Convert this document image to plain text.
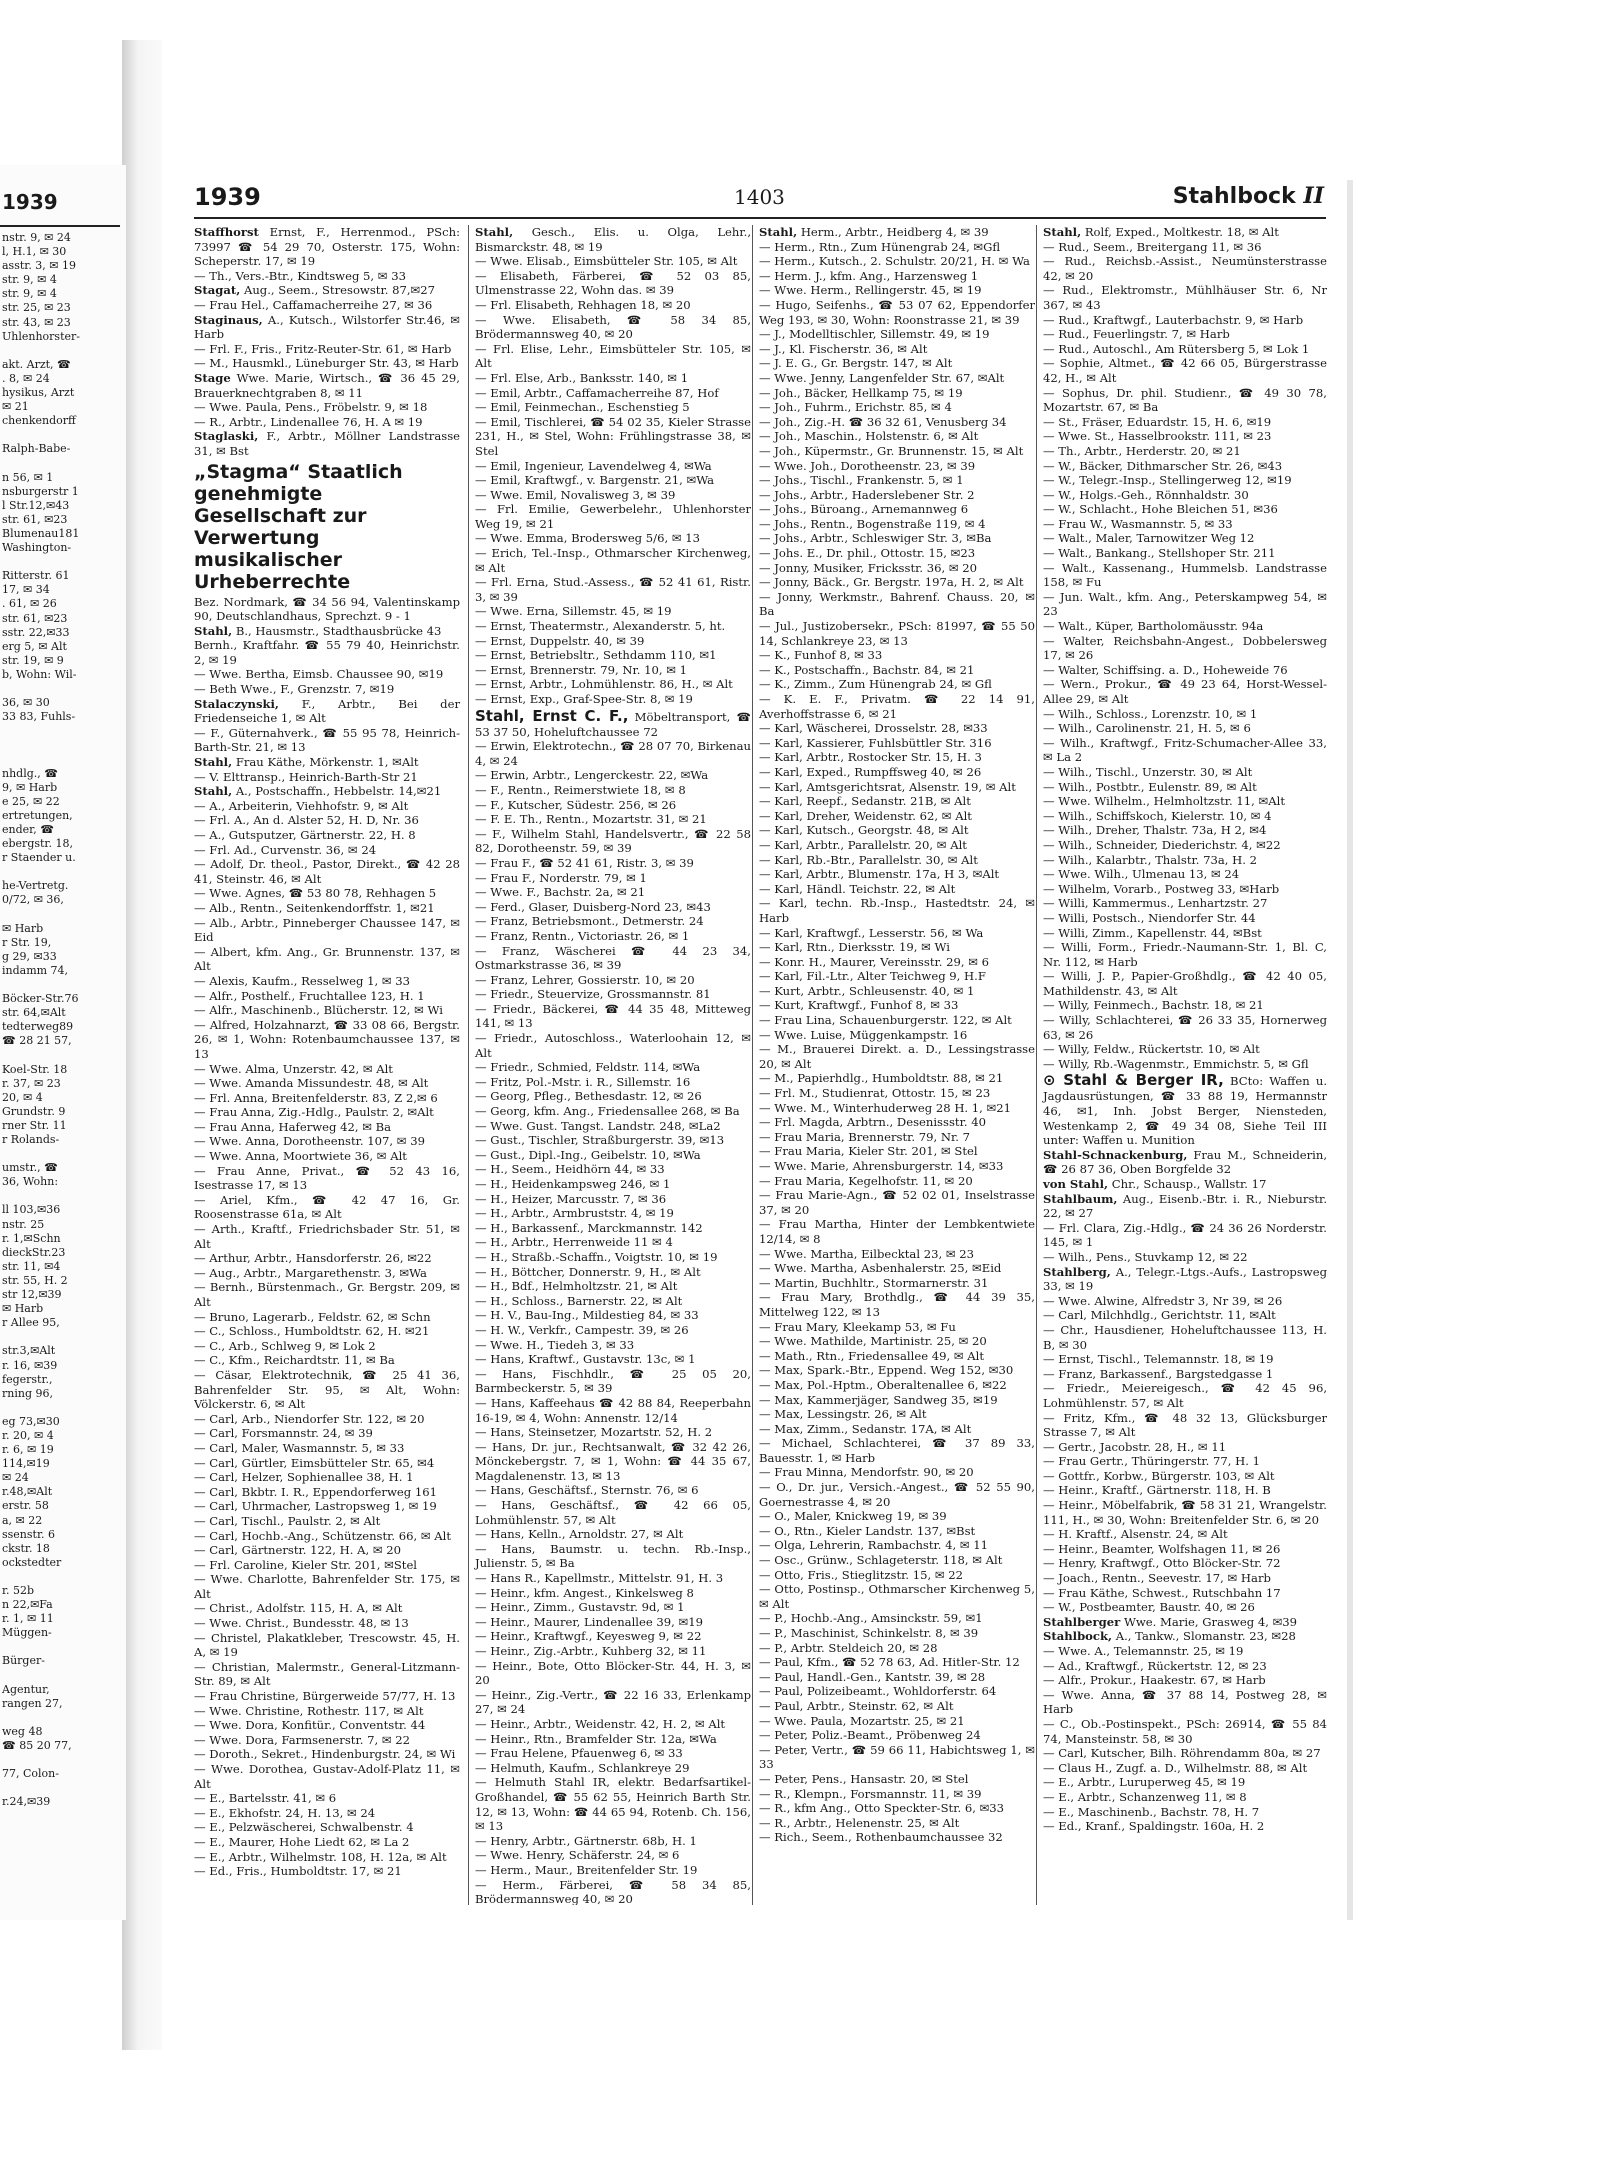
1939
nstr. 9, ✉ 24
l, H.1, ✉ 30
asstr. 3, ✉ 19
str. 9, ✉ 4
str. 9, ✉ 4
str. 25, ✉ 23
str. 43, ✉ 23
Uhlenhorster-

akt. Arzt, ☎
. 8, ✉ 24
hysikus, Arzt
✉ 21
chenkendorff

Ralph-Babe-

n 56, ✉ 1
nsburgerstr 1
l Str.12,✉43
str. 61, ✉23
Blumenau181
Washington-

Ritterstr. 61
17, ✉ 34
. 61, ✉ 26
str. 61, ✉23
sstr. 22,✉33
erg 5, ✉ Alt
str. 19, ✉ 9
b, Wohn: Wil-

36, ✉ 30
33 83, Fuhls-

nhdlg., ☎
9, ✉ Harb
e 25, ✉ 22
ertretungen,
ender, ☎
ebergstr. 18,
r Staender u.

he-Vertretg.
0/72, ✉ 36,

✉ Harb
r Str. 19,
g 29, ✉33
indamm 74,

Böcker-Str.76
str. 64,✉Alt
tedterweg89
☎ 28 21 57,

Koel-Str. 18
r. 37, ✉ 23
20, ✉ 4
Grundstr. 9
rner Str. 11
r Rolands-

umstr., ☎
36, Wohn:

ll 103,✉36
nstr. 25
r. 1,✉Schn
dieckStr.23
str. 11, ✉4
str. 55, H. 2
str 12,✉39
✉ Harb
r Allee 95,

str.3,✉Alt
r. 16, ✉39
fegerstr.,
rning 96,

eg 73,✉30
r. 20, ✉ 4
r. 6, ✉ 19
114,✉19
✉ 24
r.48,✉Alt
erstr. 58
a, ✉ 22
ssenstr. 6
ckstr. 18
ockstedter

r. 52b
n 22,✉Fa
r. 1, ✉ 11
Müggen-

Bürger-

Agentur,
rangen 27,

weg 48
☎ 85 20 77,

77, Colon-

r.24,✉39
1939	1403	Stahlbock II
Staffhorst Ernst, F., Herrenmod., PSch: 73997 ☎ 54 29 70, Osterstr. 175, Wohn: Scheperstr. 17, ✉ 19
— Th., Vers.-Btr., Kindtsweg 5, ✉ 33
Stagat, Aug., Seem., Stresowstr. 87,✉27
— Frau Hel., Caffamacherreihe 27, ✉ 36
Staginaus, A., Kutsch., Wilstorfer Str.46, ✉ Harb
— Frl. F., Fris., Fritz-Reuter-Str. 61, ✉ Harb
— M., Hausmkl., Lüneburger Str. 43, ✉ Harb
Stage Wwe. Marie, Wirtsch., ☎ 36 45 29, Brauerknechtgraben 8, ✉ 11
— Wwe. Paula, Pens., Fröbelstr. 9, ✉ 18
— R., Arbtr., Lindenallee 76, H. A ✉ 19
Staglaski, F., Arbtr., Möllner Landstrasse 31, ✉ Bst
„Stagma“ Staatlich genehmigte Gesellschaft zur Verwertung musikalischer Urheberrechte
Bez. Nordmark, ☎ 34 56 94, Valentinskamp 90, Deutschlandhaus, Sprechzt. 9 - 1
Stahl, B., Hausmstr., Stadthausbrücke 43
Bernh., Kraftfahr. ☎ 55 79 40, Heinrichstr. 2, ✉ 19
— Wwe. Bertha, Eimsb. Chaussee 90, ✉19
— Beth Wwe., F., Grenzstr. 7, ✉19
Stalaczynski, F., Arbtr., Bei der Friedenseiche 1, ✉ Alt
— F., Güternahverk., ☎ 55 95 78, Heinrich-Barth-Str. 21, ✉ 13
Stahl, Frau Käthe, Mörkenstr. 1, ✉Alt
— V. Elttransp., Heinrich-Barth-Str 21
Stahl, A., Postschaffn., Hebbelstr. 14,✉21
— A., Arbeiterin, Viehhofstr. 9, ✉ Alt
— Frl. A., An d. Alster 52, H. D, Nr. 36
— A., Gutsputzer, Gärtnerstr. 22, H. 8
— Frl. Ad., Curvenstr. 36, ✉ 24
— Adolf, Dr. theol., Pastor, Direkt., ☎ 42 28 41, Steinstr. 46, ✉ Alt
— Wwe. Agnes, ☎ 53 80 78, Rehhagen 5
— Alb., Rentn., Seitenkendorffstr. 1, ✉21
— Alb., Arbtr., Pinneberger Chaussee 147, ✉ Eid
— Albert, kfm. Ang., Gr. Brunnenstr. 137, ✉ Alt
— Alexis, Kaufm., Resselweg 1, ✉ 33
— Alfr., Posthelf., Fruchtallee 123, H. 1
— Alfr., Maschinenb., Blücherstr. 12, ✉ Wi
— Alfred, Holzahnarzt, ☎ 33 08 66, Bergstr. 26, ✉ 1, Wohn: Rotenbaumchaussee 137, ✉ 13
— Wwe. Alma, Unzerstr. 42, ✉ Alt
— Wwe. Amanda Missundestr. 48, ✉ Alt
— Frl. Anna, Breitenfelderstr. 83, Z 2,✉ 6
— Frau Anna, Zig.-Hdlg., Paulstr. 2, ✉Alt
— Frau Anna, Haferweg 42, ✉ Ba
— Wwe. Anna, Dorotheenstr. 107, ✉ 39
— Wwe. Anna, Moortwiete 36, ✉ Alt
— Frau Anne, Privat., ☎ 52 43 16, Isestrasse 17, ✉ 13
— Ariel, Kfm., ☎ 42 47 16, Gr. Roosenstrasse 61a, ✉ Alt
— Arth., Kraftf., Friedrichsbader Str. 51, ✉ Alt
— Arthur, Arbtr., Hansdorferstr. 26, ✉22
— Aug., Arbtr., Margarethenstr. 3, ✉Wa
— Bernh., Bürstenmach., Gr. Bergstr. 209, ✉ Alt
— Bruno, Lagerarb., Feldstr. 62, ✉ Schn
— C., Schloss., Humboldtstr. 62, H. ✉21
— C., Arb., Schlweg 9, ✉ Lok 2
— C., Kfm., Reichardtstr. 11, ✉ Ba
— Cäsar, Elektrotechnik, ☎ 25 41 36, Bahrenfelder Str. 95, ✉ Alt, Wohn: Völckerstr. 6, ✉ Alt
— Carl, Arb., Niendorfer Str. 122, ✉ 20
— Carl, Forsmannstr. 24, ✉ 39
— Carl, Maler, Wasmannstr. 5, ✉ 33
— Carl, Gürtler, Eimsbütteler Str. 65, ✉4
— Carl, Helzer, Sophienallee 38, H. 1
— Carl, Bkbtr. I. R., Eppendorferweg 161
— Carl, Uhrmacher, Lastropsweg 1, ✉ 19
— Carl, Tischl., Paulstr. 2, ✉ Alt
— Carl, Hochb.-Ang., Schützenstr. 66, ✉ Alt
— Carl, Gärtnerstr. 122, H. A, ✉ 20
— Frl. Caroline, Kieler Str. 201, ✉Stel
— Wwe. Charlotte, Bahrenfelder Str. 175, ✉ Alt
— Christ., Adolfstr. 115, H. A, ✉ Alt
— Wwe. Christ., Bundesstr. 48, ✉ 13
— Christel, Plakatkleber, Trescowstr. 45, H. A, ✉ 19
— Christian, Malermstr., General-Litzmann-Str. 89, ✉ Alt
— Frau Christine, Bürgerweide 57/77, H. 13
— Wwe. Christine, Rothestr. 117, ✉ Alt
— Wwe. Dora, Konfitür., Conventstr. 44
— Wwe. Dora, Farmsenerstr. 7, ✉ 22
— Doroth., Sekret., Hindenburgstr. 24, ✉ Wi
— Wwe. Dorothea, Gustav-Adolf-Platz 11, ✉ Alt
— E., Bartelsstr. 41, ✉ 6
— E., Ekhofstr. 24, H. 13, ✉ 24
— E., Pelzwäscherei, Schwalbenstr. 4
— E., Maurer, Hohe Liedt 62, ✉ La 2
— E., Arbtr., Wilhelmstr. 108, H. 12a, ✉ Alt
— Ed., Fris., Humboldtstr. 17, ✉ 21
Stahl, Gesch., Elis. u. Olga, Lehr., Bismarckstr. 48, ✉ 19
— Wwe. Elisab., Eimsbütteler Str. 105, ✉ Alt
— Elisabeth, Färberei, ☎ 52 03 85, Ulmenstrasse 22, Wohn das. ✉ 39
— Frl. Elisabeth, Rehhagen 18, ✉ 20
— Wwe. Elisabeth, ☎ 58 34 85, Brödermannsweg 40, ✉ 20
— Frl. Elise, Lehr., Eimsbütteler Str. 105, ✉ Alt
— Frl. Else, Arb., Banksstr. 140, ✉ 1
— Emil, Arbtr., Caffamacherreihe 87, Hof
— Emil, Feinmechan., Eschenstieg 5
— Emil, Tischlerei, ☎ 54 02 35, Kieler Strasse 231, H., ✉ Stel, Wohn: Frühlingstrasse 38, ✉ Stel
— Emil, Ingenieur, Lavendelweg 4, ✉Wa
— Emil, Kraftwgf., v. Bargenstr. 21, ✉Wa
— Wwe. Emil, Novalisweg 3, ✉ 39
— Frl. Emilie, Gewerbelehr., Uhlenhorster Weg 19, ✉ 21
— Wwe. Emma, Brodersweg 5/6, ✉ 13
— Erich, Tel.-Insp., Othmarscher Kirchenweg, ✉ Alt
— Frl. Erna, Stud.-Assess., ☎ 52 41 61, Ristr. 3, ✉ 39
— Wwe. Erna, Sillemstr. 45, ✉ 19
— Ernst, Theatermstr., Alexanderstr. 5, ht.
— Ernst, Duppelstr. 40, ✉ 39
— Ernst, Betriebsltr., Sethdamm 110, ✉1
— Ernst, Brennerstr. 79, Nr. 10, ✉ 1
— Ernst, Arbtr., Lohmühlenstr. 86, H., ✉ Alt
— Ernst, Exp., Graf-Spee-Str. 8, ✉ 19
Stahl, Ernst C. F., Möbeltransport, ☎ 53 37 50, Hoheluftchaussee 72
— Erwin, Elektrotechn., ☎ 28 07 70, Birkenau 4, ✉ 24
— Erwin, Arbtr., Lengerckestr. 22, ✉Wa
— F., Rentn., Reimerstwiete 18, ✉ 8
— F., Kutscher, Südestr. 256, ✉ 26
— F. E. Th., Rentn., Mozartstr. 31, ✉ 21
— F., Wilhelm Stahl, Handelsvertr., ☎ 22 58 82, Dorotheenstr. 59, ✉ 39
— Frau F., ☎ 52 41 61, Ristr. 3, ✉ 39
— Frau F., Norderstr. 79, ✉ 1
— Wwe. F., Bachstr. 2a, ✉ 21
— Ferd., Glaser, Duisberg-Nord 23, ✉43
— Franz, Betriebsmont., Detmerstr. 24
— Franz, Rentn., Victoriastr. 26, ✉ 1
— Franz, Wäscherei ☎ 44 23 34, Ostmarkstrasse 36, ✉ 39
— Franz, Lehrer, Gossierstr. 10, ✉ 20
— Friedr., Steuervize, Grossmannstr. 81
— Friedr., Bäckerei, ☎ 44 35 48, Mitteweg 141, ✉ 13
— Friedr., Autoschloss., Waterloohain 12, ✉ Alt
— Friedr., Schmied, Feldstr. 114, ✉Wa
— Fritz, Pol.-Mstr. i. R., Sillemstr. 16
— Georg, Pfleg., Bethesdastr. 12, ✉ 26
— Georg, kfm. Ang., Friedensallee 268, ✉ Ba
— Wwe. Gust. Tangst. Landstr. 248, ✉La2
— Gust., Tischler, Straßburgerstr. 39, ✉13
— Gust., Dipl.-Ing., Geibelstr. 10, ✉Wa
— H., Seem., Heidhörn 44, ✉ 33
— H., Heidenkampsweg 246, ✉ 1
— H., Heizer, Marcusstr. 7, ✉ 36
— H., Arbtr., Armbruststr. 4, ✉ 19
— H., Barkassenf., Marckmannstr. 142
— H., Arbtr., Herrenweide 11 ✉ 4
— H., Straßb.-Schaffn., Voigtstr. 10, ✉ 19
— H., Böttcher, Donnerstr. 9, H., ✉ Alt
— H., Bdf., Helmholtzstr. 21, ✉ Alt
— H., Schloss., Barnerstr. 22, ✉ Alt
— H. V., Bau-Ing., Mildestieg 84, ✉ 33
— H. W., Verkfr., Campestr. 39, ✉ 26
— Wwe. H., Tiedeh 3, ✉ 33
— Hans, Kraftwf., Gustavstr. 13c, ✉ 1
— Hans, Fischhdlr., ☎ 25 05 20, Barmbeckerstr. 5, ✉ 39
— Hans, Kaffeehaus ☎ 42 88 84, Reeperbahn 16-19, ✉ 4, Wohn: Annenstr. 12/14
— Hans, Steinsetzer, Mozartstr. 52, H. 2
— Hans, Dr. jur., Rechtsanwalt, ☎ 32 42 26, Mönckebergstr. 7, ✉ 1, Wohn: ☎ 44 35 67, Magdalenenstr. 13, ✉ 13
— Hans, Geschäftsf., Sternstr. 76, ✉ 6
— Hans, Geschäftsf., ☎ 42 66 05, Lohmühlenstr. 57, ✉ Alt
— Hans, Kelln., Arnoldstr. 27, ✉ Alt
— Hans, Baumstr. u. techn. Rb.-Insp., Julienstr. 5, ✉ Ba
— Hans R., Kapellmstr., Mittelstr. 91, H. 3
— Heinr., kfm. Angest., Kinkelsweg 8
— Heinr., Zimm., Gustavstr. 9d, ✉ 1
— Heinr., Maurer, Lindenallee 39, ✉19
— Heinr., Kraftwgf., Keyesweg 9, ✉ 22
— Heinr., Zig.-Arbtr., Kuhberg 32, ✉ 11
— Heinr., Bote, Otto Blöcker-Str. 44, H. 3, ✉ 20
— Heinr., Zig.-Vertr., ☎ 22 16 33, Erlenkamp 27, ✉ 24
— Heinr., Arbtr., Weidenstr. 42, H. 2, ✉ Alt
— Heinr., Rtn., Bramfelder Str. 12a, ✉Wa
— Frau Helene, Pfauenweg 6, ✉ 33
— Helmuth, Kaufm., Schlankreye 29
— Helmuth Stahl IR, elektr. Bedarfsartikel-Großhandel, ☎ 55 62 55, Heinrich Barth Str. 12, ✉ 13, Wohn: ☎ 44 65 94, Rotenb. Ch. 156, ✉ 13
— Henry, Arbtr., Gärtnerstr. 68b, H. 1
— Wwe. Henry, Schäferstr. 24, ✉ 6
— Herm., Maur., Breitenfelder Str. 19
— Herm., Färberei, ☎ 58 34 85, Brödermannsweg 40, ✉ 20
Stahl, Herm., Arbtr., Heidberg 4, ✉ 39
— Herm., Rtn., Zum Hünengrab 24, ✉Gfl
— Herm., Kutsch., 2. Schulstr. 20/21, H. ✉ Wa
— Herm. J., kfm. Ang., Harzensweg 1
— Wwe. Herm., Rellingerstr. 45, ✉ 19
— Hugo, Seifenhs., ☎ 53 07 62, Eppendorfer Weg 193, ✉ 30, Wohn: Roonstrasse 21, ✉ 39
— J., Modelltischler, Sillemstr. 49, ✉ 19
— J., Kl. Fischerstr. 36, ✉ Alt
— J. E. G., Gr. Bergstr. 147, ✉ Alt
— Wwe. Jenny, Langenfelder Str. 67, ✉Alt
— Joh., Bäcker, Hellkamp 75, ✉ 19
— Joh., Fuhrm., Erichstr. 85, ✉ 4
— Joh., Zig.-H. ☎ 36 32 61, Venusberg 34
— Joh., Maschin., Holstenstr. 6, ✉ Alt
— Joh., Küpermstr., Gr. Brunnenstr. 15, ✉ Alt
— Wwe. Joh., Dorotheenstr. 23, ✉ 39
— Johs., Tischl., Frankenstr. 5, ✉ 1
— Johs., Arbtr., Haderslebener Str. 2
— Johs., Büroang., Arnemannweg 6
— Johs., Rentn., Bogenstraße 119, ✉ 4
— Johs., Arbtr., Schleswiger Str. 3, ✉Ba
— Johs. E., Dr. phil., Ottostr. 15, ✉23
— Jonny, Musiker, Fricksstr. 36, ✉ 20
— Jonny, Bäck., Gr. Bergstr. 197a, H. 2, ✉ Alt
— Jonny, Werkmstr., Bahrenf. Chauss. 20, ✉ Ba
— Jul., Justizobersekr., PSch: 81997, ☎ 55 50 14, Schlankreye 23, ✉ 13
— K., Funhof 8, ✉ 33
— K., Postschaffn., Bachstr. 84, ✉ 21
— K., Zimm., Zum Hünengrab 24, ✉ Gfl
— K. E. F., Privatm. ☎ 22 14 91, Averhoffstrasse 6, ✉ 21
— Karl, Wäscherei, Drosselstr. 28, ✉33
— Karl, Kassierer, Fuhlsbüttler Str. 316
— Karl, Arbtr., Rostocker Str. 15, H. 3
— Karl, Exped., Rumpffsweg 40, ✉ 26
— Karl, Amtsgerichtsrat, Alsenstr. 19, ✉ Alt
— Karl, Reepf., Sedanstr. 21B, ✉ Alt
— Karl, Dreher, Weidenstr. 62, ✉ Alt
— Karl, Kutsch., Georgstr. 48, ✉ Alt
— Karl, Arbtr., Parallelstr. 20, ✉ Alt
— Karl, Rb.-Btr., Parallelstr. 30, ✉ Alt
— Karl, Arbtr., Blumenstr. 17a, H 3, ✉Alt
— Karl, Händl. Teichstr. 22, ✉ Alt
— Karl, techn. Rb.-Insp., Hastedtstr. 24, ✉ Harb
— Karl, Kraftwgf., Lesserstr. 56, ✉ Wa
— Karl, Rtn., Dierksstr. 19, ✉ Wi
— Konr. H., Maurer, Vereinsstr. 29, ✉ 6
— Karl, Fil.-Ltr., Alter Teichweg 9, H.F
— Kurt, Arbtr., Schleusenstr. 40, ✉ 1
— Kurt, Kraftwgf., Funhof 8, ✉ 33
— Frau Lina, Schauenburgerstr. 122, ✉ Alt
— Wwe. Luise, Müggenkampstr. 16
— M., Brauerei Direkt. a. D., Lessingstrasse 20, ✉ Alt
— M., Papierhdlg., Humboldtstr. 88, ✉ 21
— Frl. M., Studienrat, Ottostr. 15, ✉ 23
— Wwe. M., Winterhuderweg 28 H. 1, ✉21
— Frl. Magda, Arbtrn., Desenissstr. 40
— Frau Maria, Brennerstr. 79, Nr. 7
— Frau Maria, Kieler Str. 201, ✉ Stel
— Wwe. Marie, Ahrensburgerstr. 14, ✉33
— Frau Maria, Kegelhofstr. 11, ✉ 20
— Frau Marie-Agn., ☎ 52 02 01, Inselstrasse 37, ✉ 20
— Frau Martha, Hinter der Lembkentwiete 12/14, ✉ 8
— Wwe. Martha, Eilbecktal 23, ✉ 23
— Wwe. Martha, Asbenhalerstr. 25, ✉Eid
— Martin, Buchhltr., Stormarnerstr. 31
— Frau Mary, Brothdlg., ☎ 44 39 35, Mittelweg 122, ✉ 13
— Frau Mary, Kleekamp 53, ✉ Fu
— Wwe. Mathilde, Martinistr. 25, ✉ 20
— Math., Rtn., Friedensallee 49, ✉ Alt
— Max, Spark.-Btr., Eppend. Weg 152, ✉30
— Max, Pol.-Hptm., Oberaltenallee 6, ✉22
— Max, Kammerjäger, Sandweg 35, ✉19
— Max, Lessingstr. 26, ✉ Alt
— Max, Zimm., Sedanstr. 17A, ✉ Alt
— Michael, Schlachterei, ☎ 37 89 33, Bauesstr. 1, ✉ Harb
— Frau Minna, Mendorfstr. 90, ✉ 20
— O., Dr. jur., Versich.-Angest., ☎ 52 55 90, Goernestrasse 4, ✉ 20
— O., Maler, Knickweg 19, ✉ 39
— O., Rtn., Kieler Landstr. 137, ✉Bst
— Olga, Lehrerin, Rambachstr. 4, ✉ 11
— Osc., Grünw., Schlageterstr. 118, ✉ Alt
— Otto, Fris., Stieglitzstr. 15, ✉ 22
— Otto, Postinsp., Othmarscher Kirchenweg 5, ✉ Alt
— P., Hochb.-Ang., Amsinckstr. 59, ✉1
— P., Maschinist, Schinkelstr. 8, ✉ 39
— P., Arbtr. Steldeich 20, ✉ 28
— Paul, Kfm., ☎ 52 78 63, Ad. Hitler-Str. 12
— Paul, Handl.-Gen., Kantstr. 39, ✉ 28
— Paul, Polizeibeamt., Wohldorferstr. 64
— Paul, Arbtr., Steinstr. 62, ✉ Alt
— Wwe. Paula, Mozartstr. 25, ✉ 21
— Peter, Poliz.-Beamt., Pröbenweg 24
— Peter, Vertr., ☎ 59 66 11, Habichtsweg 1, ✉ 33
— Peter, Pens., Hansastr. 20, ✉ Stel
— R., Klempn., Forsmannstr. 11, ✉ 39
— R., kfm Ang., Otto Speckter-Str. 6, ✉33
— R., Arbtr., Helenenstr. 25, ✉ Alt
— Rich., Seem., Rothenbaumchaussee 32
Stahl, Rolf, Exped., Moltkestr. 18, ✉ Alt
— Rud., Seem., Breitergang 11, ✉ 36
— Rud., Reichsb.-Assist., Neumünsterstrasse 42, ✉ 20
— Rud., Elektromstr., Mühlhäuser Str. 6, Nr 367, ✉ 43
— Rud., Kraftwgf., Lauterbachstr. 9, ✉ Harb
— Rud., Feuerlingstr. 7, ✉ Harb
— Rud., Autoschl., Am Rütersberg 5, ✉ Lok 1
— Sophie, Altmet., ☎ 42 66 05, Bürgerstrasse 42, H., ✉ Alt
— Sophus, Dr. phil. Studienr., ☎ 49 30 78, Mozartstr. 67, ✉ Ba
— St., Fräser, Eduardstr. 15, H. 6, ✉19
— Wwe. St., Hasselbrookstr. 111, ✉ 23
— Th., Arbtr., Herderstr. 20, ✉ 21
— W., Bäcker, Dithmarscher Str. 26, ✉43
— W., Telegr.-Insp., Stellingerweg 12, ✉19
— W., Holgs.-Geh., Rönnhaldstr. 30
— W., Schlacht., Hohe Bleichen 51, ✉36
— Frau W., Wasmannstr. 5, ✉ 33
— Walt., Maler, Tarnowitzer Weg 12
— Walt., Bankang., Stellshoper Str. 211
— Walt., Kassenang., Hummelsb. Landstrasse 158, ✉ Fu
— Jun. Walt., kfm. Ang., Peterskampweg 54, ✉ 23
— Walt., Küper, Bartholomäusstr. 94a
— Walter, Reichsbahn-Angest., Dobbelersweg 17, ✉ 26
— Walter, Schiffsing. a. D., Hoheweide 76
— Wern., Prokur., ☎ 49 23 64, Horst-Wessel-Allee 29, ✉ Alt
— Wilh., Schloss., Lorenzstr. 10, ✉ 1
— Wilh., Carolinenstr. 21, H. 5, ✉ 6
— Wilh., Kraftwgf., Fritz-Schumacher-Allee 33, ✉ La 2
— Wilh., Tischl., Unzerstr. 30, ✉ Alt
— Wilh., Postbtr., Eulenstr. 89, ✉ Alt
— Wwe. Wilhelm., Helmholtzstr. 11, ✉Alt
— Wilh., Schiffskoch, Kielerstr. 10, ✉ 4
— Wilh., Dreher, Thalstr. 73a, H 2, ✉4
— Wilh., Schneider, Diederichstr. 4, ✉22
— Wilh., Kalarbtr., Thalstr. 73a, H. 2
— Wwe. Wilh., Ulmenau 13, ✉ 24
— Wilhelm, Vorarb., Postweg 33, ✉Harb
— Willi, Kammermus., Lenhartzstr. 27
— Willi, Postsch., Niendorfer Str. 44
— Willi, Zimm., Kapellenstr. 44, ✉Bst
— Willi, Form., Friedr.-Naumann-Str. 1, Bl. C, Nr. 112, ✉ Harb
— Willi, J. P., Papier-Großhdlg., ☎ 42 40 05, Mathildenstr. 43, ✉ Alt
— Willy, Feinmech., Bachstr. 18, ✉ 21
— Willy, Schlachterei, ☎ 26 33 35, Hornerweg 63, ✉ 26
— Willy, Feldw., Rückertstr. 10, ✉ Alt
— Willy, Rb.-Wagenmstr., Emmichstr. 5, ✉ Gfl
⊙ Stahl & Berger IR, BCto: Waffen u. Jagdausrüstungen, ☎ 33 88 19, Hermannstr 46, ✉1, Inh. Jobst Berger, Niensteden, Westenkamp 2, ☎ 49 34 08, Siehe Teil III unter: Waffen u. Munition
Stahl-Schnackenburg, Frau M., Schneiderin, ☎ 26 87 36, Oben Borgfelde 32
von Stahl, Chr., Schausp., Wallstr. 17
Stahlbaum, Aug., Eisenb.-Btr. i. R., Nieburstr. 22, ✉ 27
— Frl. Clara, Zig.-Hdlg., ☎ 24 36 26 Norderstr. 145, ✉ 1
— Wilh., Pens., Stuvkamp 12, ✉ 22
Stahlberg, A., Telegr.-Ltgs.-Aufs., Lastropsweg 33, ✉ 19
— Wwe. Alwine, Alfredstr 3, Nr 39, ✉ 26
— Carl, Milchhdlg., Gerichtstr. 11, ✉Alt
— Chr., Hausdiener, Hoheluftchaussee 113, H. B, ✉ 30
— Ernst, Tischl., Telemannstr. 18, ✉ 19
— Franz, Barkassenf., Bargstedgasse 1
— Friedr., Meiereigesch., ☎ 42 45 96, Lohmühlenstr. 57, ✉ Alt
— Fritz, Kfm., ☎ 48 32 13, Glücksburger Strasse 7, ✉ Alt
— Gertr., Jacobstr. 28, H., ✉ 11
— Frau Gertr., Thüringerstr. 77, H. 1
— Gottfr., Korbw., Bürgerstr. 103, ✉ Alt
— Heinr., Kraftf., Gärtnerstr. 118, H. B
— Heinr., Möbelfabrik, ☎ 58 31 21, Wrangelstr. 111, H., ✉ 30, Wohn: Breitenfelder Str. 6, ✉ 20
— H. Kraftf., Alsenstr. 24, ✉ Alt
— Heinr., Beamter, Wolfshagen 11, ✉ 26
— Henry, Kraftwgf., Otto Blöcker-Str. 72
— Joach., Rentn., Seevestr. 17, ✉ Harb
— Frau Käthe, Schwest., Rutschbahn 17
— W., Postbeamter, Baustr. 40, ✉ 26
Stahlberger Wwe. Marie, Grasweg 4, ✉39
Stahlbock, A., Tankw., Slomanstr. 23, ✉28
— Wwe. A., Telemannstr. 25, ✉ 19
— Ad., Kraftwgf., Rückertstr. 12, ✉ 23
— Alfr., Prokur., Haakestr. 67, ✉ Harb
— Wwe. Anna, ☎ 37 88 14, Postweg 28, ✉ Harb
— C., Ob.-Postinspekt., PSch: 26914, ☎ 55 84 74, Mansteinstr. 58, ✉ 30
— Carl, Kutscher, Bilh. Röhrendamm 80a, ✉ 27
— Claus H., Zugf. a. D., Wilhelmstr. 88, ✉ Alt
— E., Arbtr., Luruperweg 45, ✉ 19
— E., Arbtr., Schanzenweg 11, ✉ 8
— E., Maschinenb., Bachstr. 78, H. 7
— Ed., Kranf., Spaldingstr. 160a, H. 2
